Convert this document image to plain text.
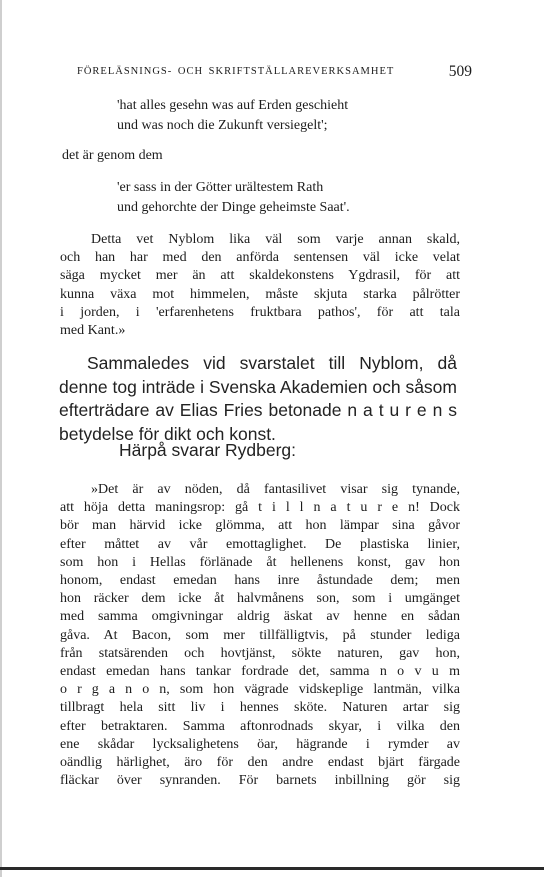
FÖRELÄSNINGS- OCH SKRIFTSTÄLLAREVERKSAMHET	509
'hat alles gesehn was auf Erden geschieht
und was noch die Zukunft versiegelt';
det är genom dem
'er sass in der Götter urältestem Rath
und gehorchte der Dinge geheimste Saat'.
Detta vet Nyblom lika väl som varje annan skald,
och han har med den anförda sentensen väl icke velat
säga mycket mer än att skaldekonstens Ygdrasil, för att
kunna växa mot himmelen, måste skjuta starka pålrötter
i jorden, i 'erfarenhetens fruktbara pathos', för att tala
med Kant.»
Sammaledes vid svarstalet till Nyblom, då
denne tog inträde i Svenska Akademien och såsom
efterträdare av Elias Fries betonade n a t u r e n s
betydelse för dikt och konst.
Härpå svarar Rydberg:
»Det är av nöden, då fantasilivet visar sig tynande,
att höja detta maningsrop: gå t i l l n a t u r e n! Dock
bör man härvid icke glömma, att hon lämpar sina gåvor
efter måttet av vår emottaglighet. De plastiska linier,
som hon i Hellas förlänade åt hellenens konst, gav hon
honom, endast emedan hans inre åstundade dem; men
hon räcker dem icke åt halvmånens son, som i umgänget
med samma omgivningar aldrig äskat av henne en sådan
gåva. At Bacon, som mer tillfälligtvis, på stunder lediga
från statsärenden och hovtjänst, sökte naturen, gav hon,
endast emedan hans tankar fordrade det, samma n o v u m
o r g a n o n, som hon vägrade vidskeplige lantmän, vilka
tillbragt hela sitt liv i hennes sköte. Naturen artar sig
efter betraktaren. Samma aftonrodnads skyar, i vilka den
ene skådar lycksalighetens öar, hägrande i rymder av
oändlig härlighet, äro för den andre endast bjärt färgade
fläckar över synranden. För barnets inbillning gör sig
